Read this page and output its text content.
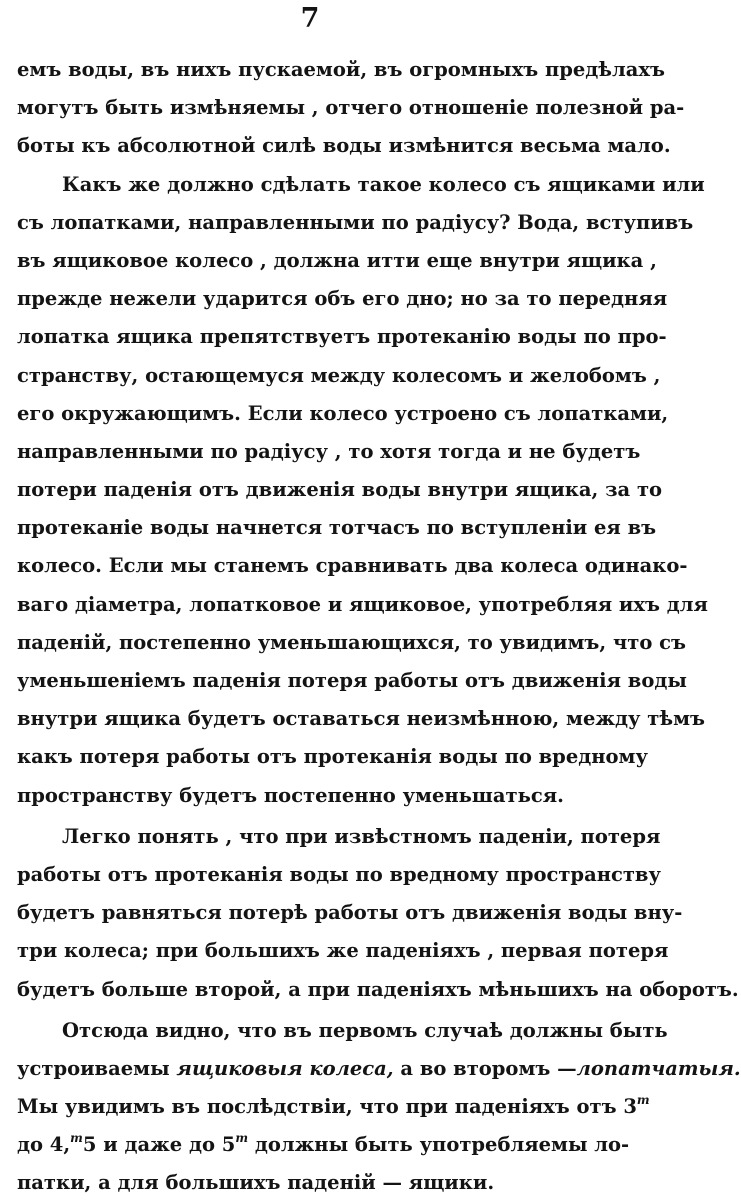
7
емъ воды, въ нихъ пускаемой, въ огромныхъ предѣлахъ
могутъ быть измѣняемы , отчего отношеніе полезной ра-
боты къ абсолютной силѣ воды измѣнится весьма мало.
Какъ же должно сдѣлать такое колесо съ ящиками или
съ лопатками, направленными по радіусу? Вода, вступивъ
въ ящиковое колесо , должна итти еще внутри ящика ,
прежде нежели ударится объ его дно; но за то передняя
лопатка ящика препятствуетъ протеканію воды по про-
странству, остающемуся между колесомъ и желобомъ ,
его окружающимъ. Если колесо устроено съ лопатками,
направленными по радіусу , то хотя тогда и не будетъ
потери паденія отъ движенія воды внутри ящика, за то
протеканіе воды начнется тотчасъ по вступленіи ея въ
колесо. Если мы станемъ сравнивать два колеса одинако-
ваго діаметра, лопатковое и ящиковое, употребляя ихъ для
паденій, постепенно уменьшающихся, то увидимъ, что съ
уменьшеніемъ паденія потеря работы отъ движенія воды
внутри ящика будетъ оставаться неизмѣнною, между тѣмъ
какъ потеря работы отъ протеканія воды по вредному
пространству будетъ постепенно уменьшаться.
Легко понять , что при извѣстномъ паденіи, потеря
работы отъ протеканія воды по вредному пространству
будетъ равняться потерѣ работы отъ движенія воды вну-
три колеса; при большихъ же паденіяхъ , первая потеря
будетъ больше второй, а при паденіяхъ мѣньшихъ на оборотъ.
Отсюда видно, что въ первомъ случаѣ должны быть
устроиваемы ящиковыя колеса, а во второмъ —лопатчатыя.
Мы увидимъ въ послѣдствіи, что при паденіяхъ отъ 3$^m$
до 4,$^m$5 и даже до 5$^m$ должны быть употребляемы ло-
патки, а для большихъ паденій — ящики.
